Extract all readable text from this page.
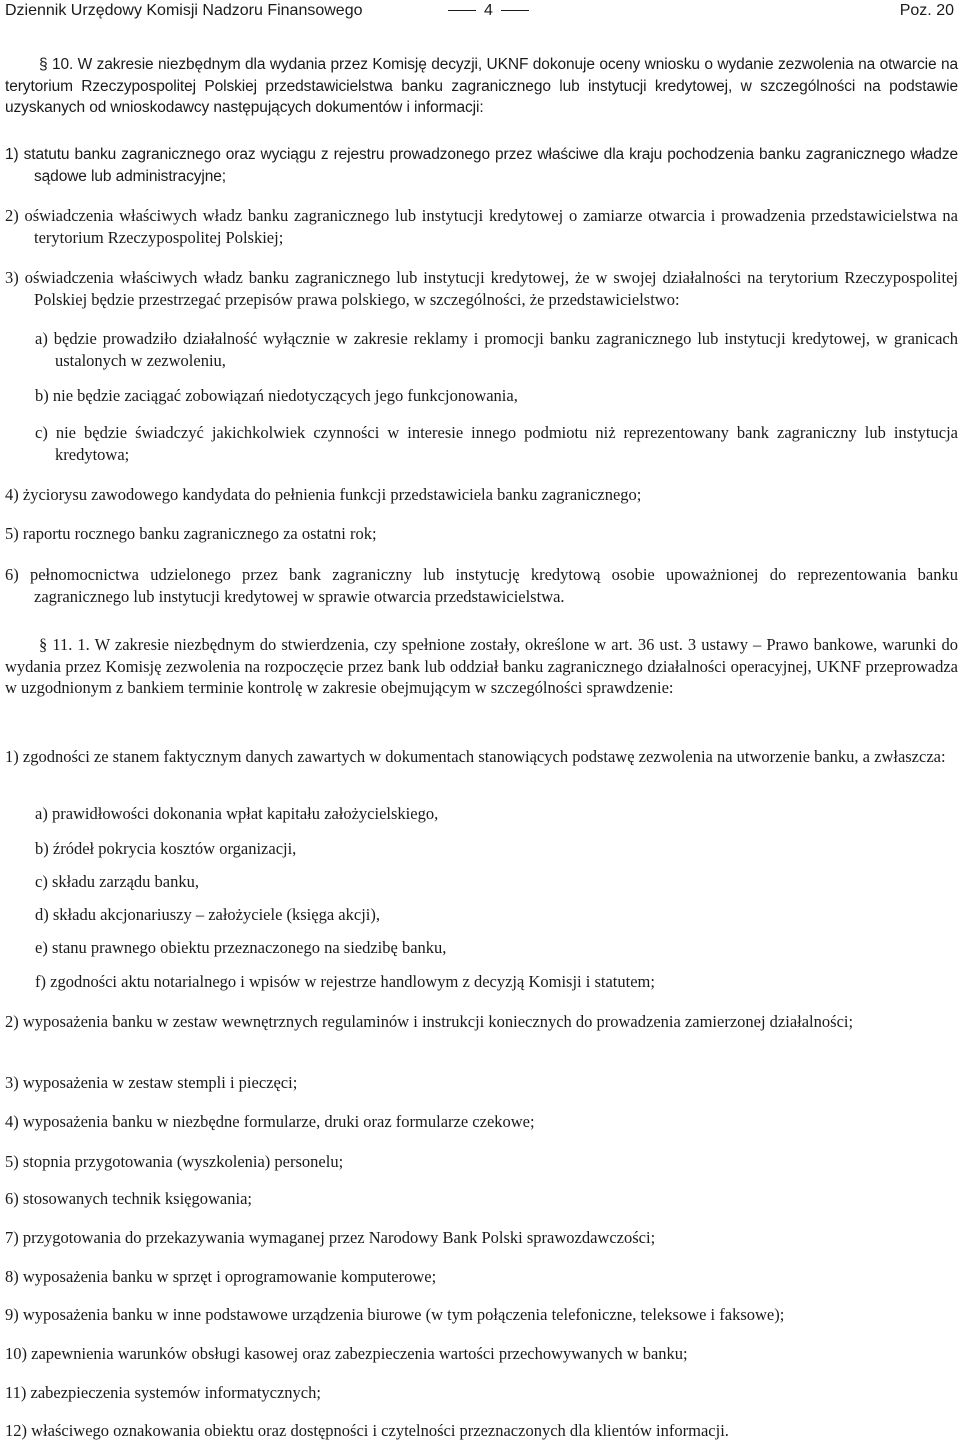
Dziennik Urzędowy Komisji Nadzoru Finansowego	4	Poz. 20
§ 10. W zakresie niezbędnym dla wydania przez Komisję decyzji, UKNF dokonuje oceny wniosku o wydanie zezwolenia na otwarcie na terytorium Rzeczypospolitej Polskiej przedstawicielstwa banku zagranicznego lub instytucji kredytowej, w szczególności na podstawie uzyskanych od wnioskodawcy następujących dokumentów i informacji:
1) statutu banku zagranicznego oraz wyciągu z rejestru prowadzonego przez właściwe dla kraju pochodzenia banku zagranicznego władze sądowe lub administracyjne;
2) oświadczenia właściwych władz banku zagranicznego lub instytucji kredytowej o zamiarze otwarcia i prowadzenia przedstawicielstwa na terytorium Rzeczypospolitej Polskiej;
3) oświadczenia właściwych władz banku zagranicznego lub instytucji kredytowej, że w swojej działalności na terytorium Rzeczypospolitej Polskiej będzie przestrzegać przepisów prawa polskiego, w szczególności, że przedstawicielstwo:
a) będzie prowadziło działalność wyłącznie w zakresie reklamy i promocji banku zagranicznego lub instytucji kredytowej, w granicach ustalonych w zezwoleniu,
b) nie będzie zaciągać zobowiązań niedotyczących jego funkcjonowania,
c) nie będzie świadczyć jakichkolwiek czynności w interesie innego podmiotu niż reprezentowany bank zagraniczny lub instytucja kredytowa;
4) życiorysu zawodowego kandydata do pełnienia funkcji przedstawiciela banku zagranicznego;
5) raportu rocznego banku zagranicznego za ostatni rok;
6) pełnomocnictwa udzielonego przez bank zagraniczny lub instytucję kredytową osobie upoważnionej do reprezentowania banku zagranicznego lub instytucji kredytowej w sprawie otwarcia przedstawicielstwa.
§ 11. 1. W zakresie niezbędnym do stwierdzenia, czy spełnione zostały, określone w art. 36 ust. 3 ustawy – Prawo bankowe, warunki do wydania przez Komisję zezwolenia na rozpoczęcie przez bank lub oddział banku zagranicznego działalności operacyjnej, UKNF przeprowadza w uzgodnionym z bankiem terminie kontrolę w zakresie obejmującym w szczególności sprawdzenie:
1) zgodności ze stanem faktycznym danych zawartych w dokumentach stanowiących podstawę zezwolenia na utworzenie banku, a zwłaszcza:
a) prawidłowości dokonania wpłat kapitału założycielskiego,
b) źródeł pokrycia kosztów organizacji,
c) składu zarządu banku,
d) składu akcjonariuszy – założyciele (księga akcji),
e) stanu prawnego obiektu przeznaczonego na siedzibę banku,
f) zgodności aktu notarialnego i wpisów w rejestrze handlowym z decyzją Komisji i statutem;
2) wyposażenia banku w zestaw wewnętrznych regulaminów i instrukcji koniecznych do prowadzenia zamierzonej działalności;
3) wyposażenia w zestaw stempli i pieczęci;
4) wyposażenia banku w niezbędne formularze, druki oraz formularze czekowe;
5) stopnia przygotowania (wyszkolenia) personelu;
6) stosowanych technik księgowania;
7) przygotowania do przekazywania wymaganej przez Narodowy Bank Polski sprawozdawczości;
8) wyposażenia banku w sprzęt i oprogramowanie komputerowe;
9) wyposażenia banku w inne podstawowe urządzenia biurowe (w tym połączenia telefoniczne, teleksowe i faksowe);
10) zapewnienia warunków obsługi kasowej oraz zabezpieczenia wartości przechowywanych w banku;
11) zabezpieczenia systemów informatycznych;
12) właściwego oznakowania obiektu oraz dostępności i czytelności przeznaczonych dla klientów informacji.
